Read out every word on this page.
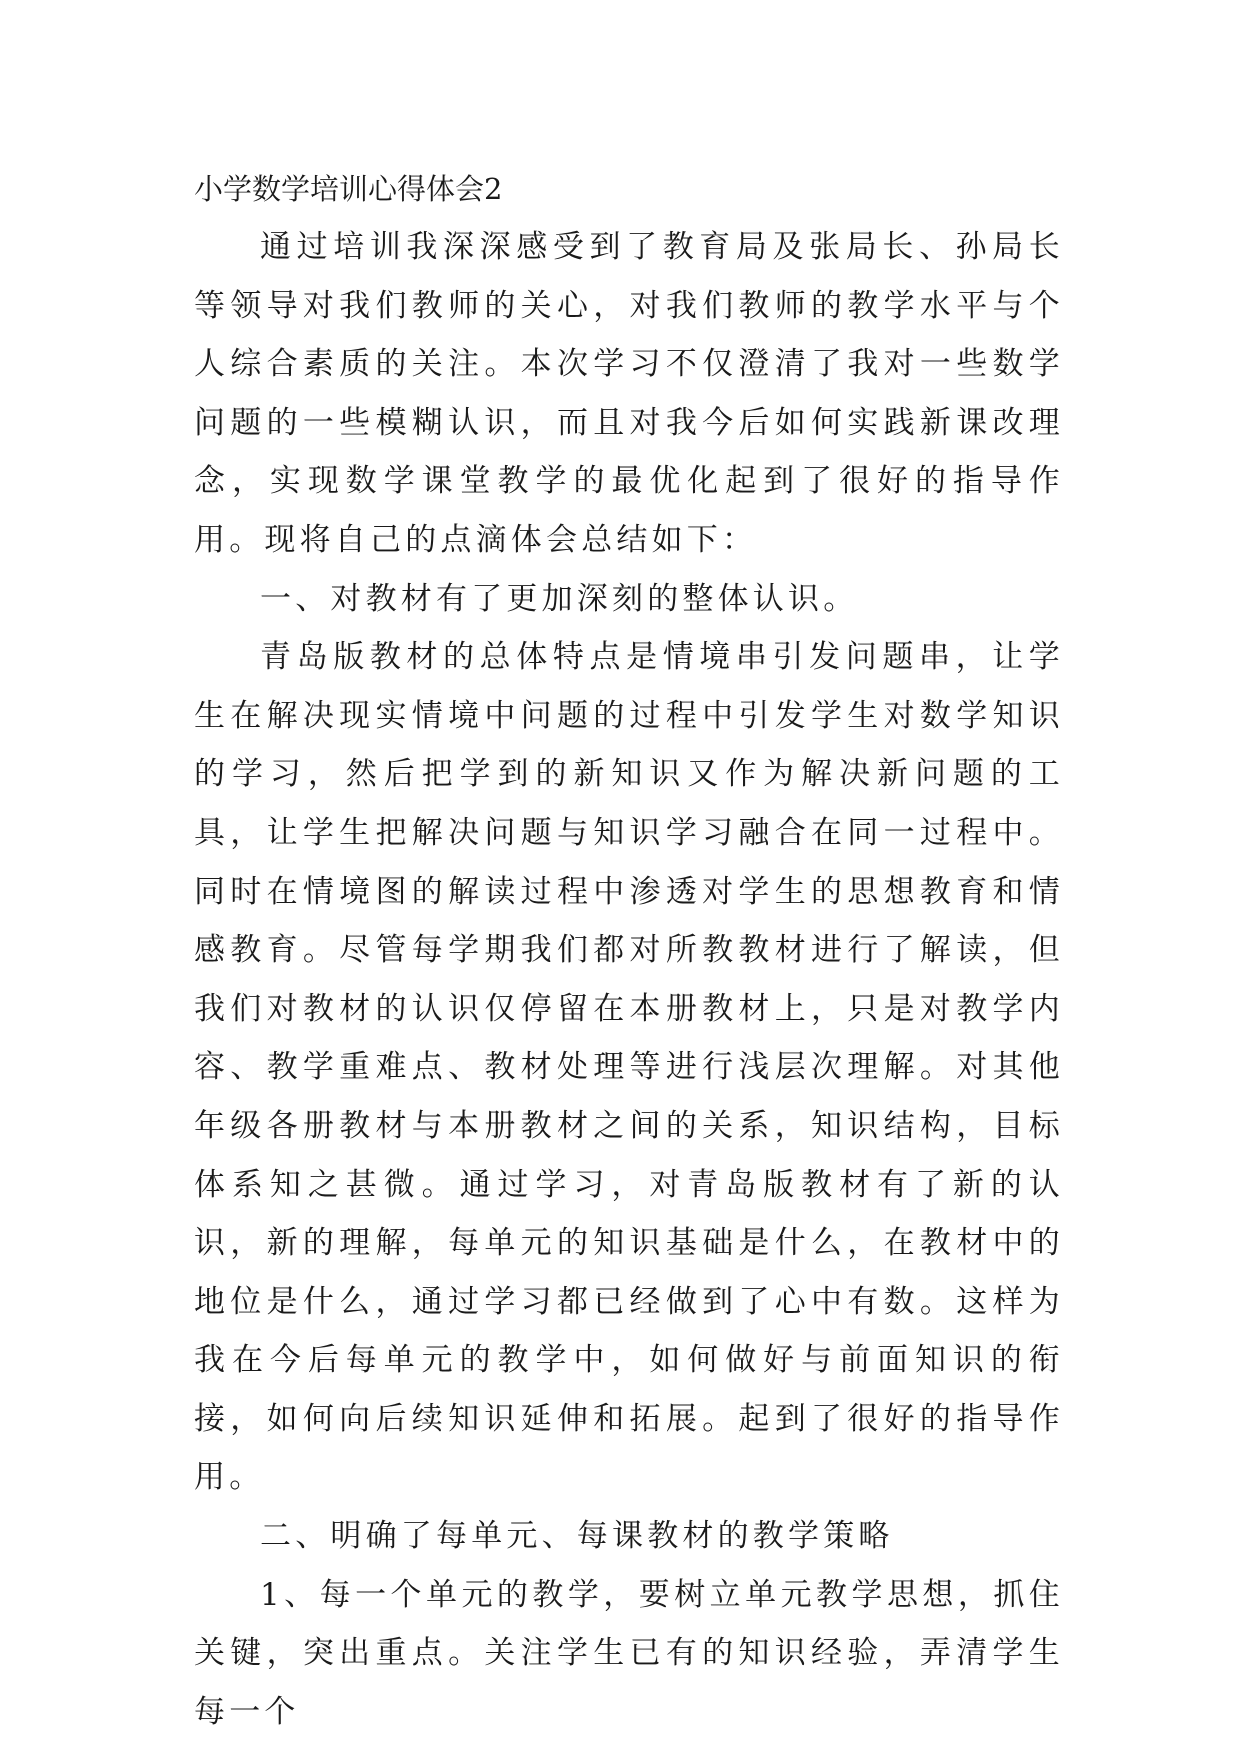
小学数学培训心得体会2

通过培训我深深感受到了教育局及张局长、孙局长等领导对我们教师的关心，对我们教师的教学水平与个人综合素质的关注。本次学习不仅澄清了我对一些数学问题的一些模糊认识，而且对我今后如何实践新课改理念，实现数学课堂教学的最优化起到了很好的指导作用。现将自己的点滴体会总结如下：

一、对教材有了更加深刻的整体认识。

青岛版教材的总体特点是情境串引发问题串，让学生在解决现实情境中问题的过程中引发学生对数学知识的学习，然后把学到的新知识又作为解决新问题的工具，让学生把解决问题与知识学习融合在同一过程中。同时在情境图的解读过程中渗透对学生的思想教育和情感教育。尽管每学期我们都对所教教材进行了解读，但我们对教材的认识仅停留在本册教材上，只是对教学内容、教学重难点、教材处理等进行浅层次理解。对其他年级各册教材与本册教材之间的关系，知识结构，目标体系知之甚微。通过学习，对青岛版教材有了新的认识，新的理解，每单元的知识基础是什么，在教材中的地位是什么，通过学习都已经做到了心中有数。这样为我在今后每单元的教学中，如何做好与前面知识的衔接，如何向后续知识延伸和拓展。起到了很好的指导作用。

二、明确了每单元、每课教材的教学策略

1、每一个单元的教学，要树立单元教学思想，抓住关键，突出重点。关注学生已有的知识经验，弄清学生每一个
